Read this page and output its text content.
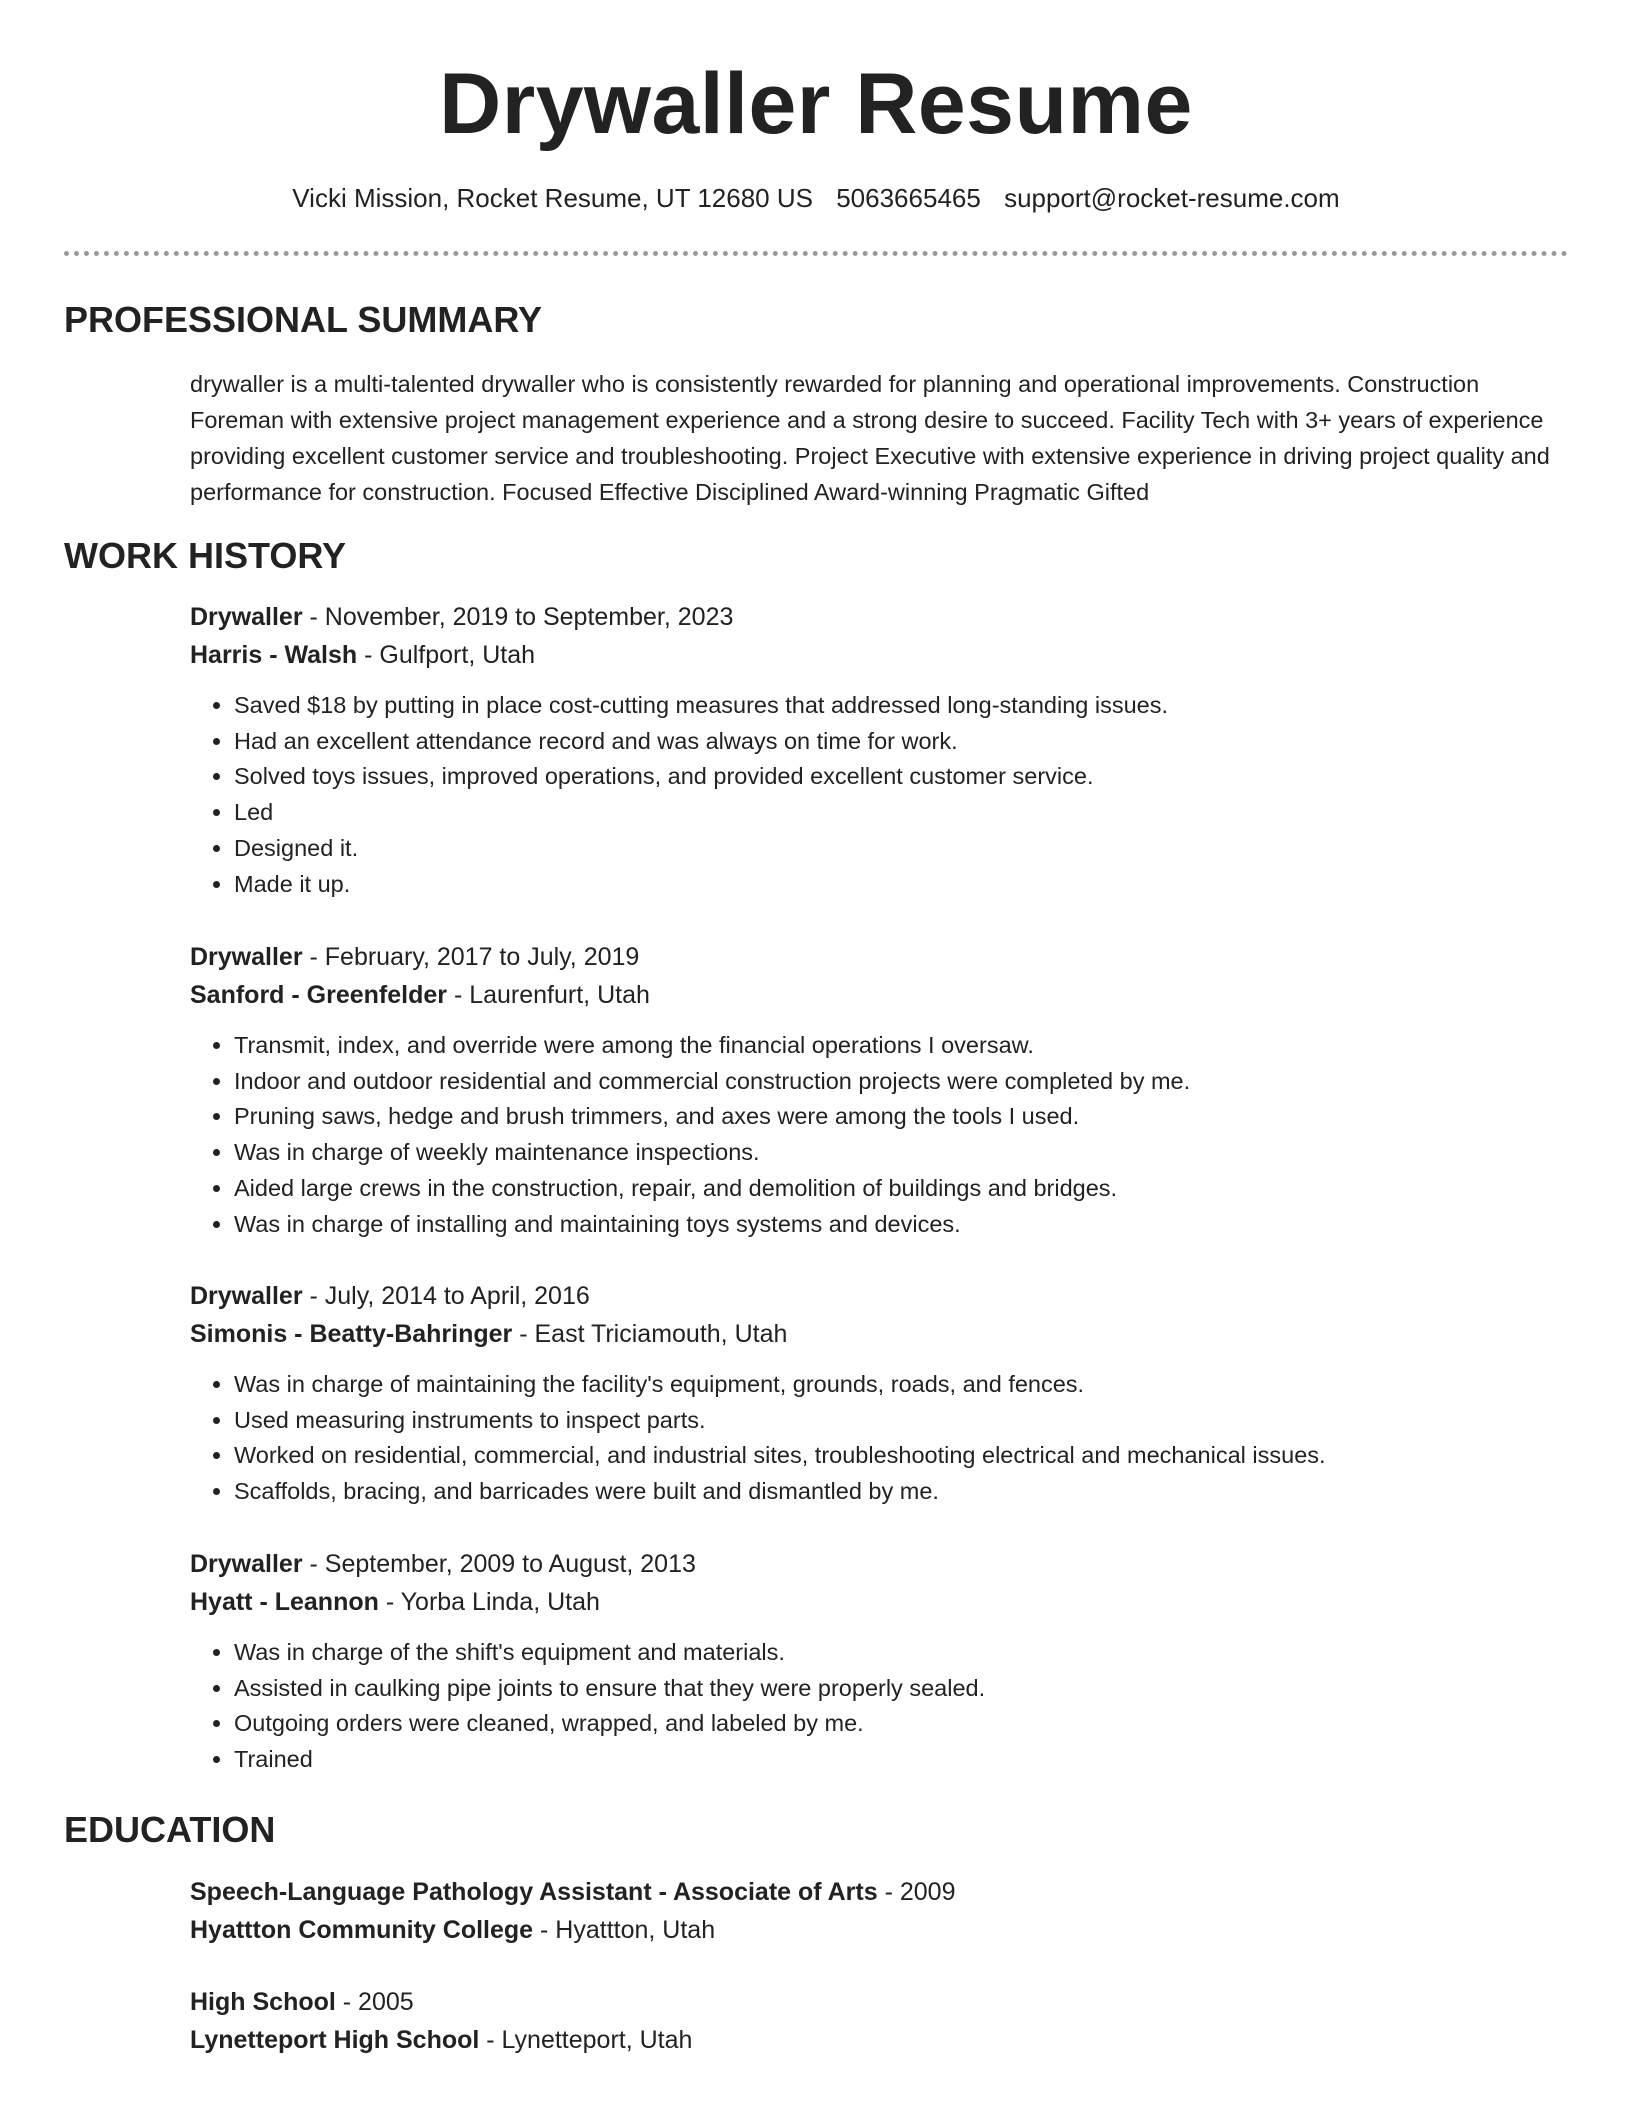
Drywaller Resume
Vicki Mission, Rocket Resume, UT 12680 US 5063665465 support@rocket-resume.com
PROFESSIONAL SUMMARY

drywaller is a multi-talented drywaller who is consistently rewarded for planning and operational improvements. Construction Foreman with extensive project management experience and a strong desire to succeed. Facility Tech with 3+ years of experience providing excellent customer service and troubleshooting. Project Executive with extensive experience in driving project quality and performance for construction. Focused Effective Disciplined Award-winning Pragmatic Gifted

WORK HISTORY
Drywaller - November, 2019 to September, 2023
Harris - Walsh - Gulfport, Utah
• Saved $18 by putting in place cost-cutting measures that addressed long-standing issues.
• Had an excellent attendance record and was always on time for work.
• Solved toys issues, improved operations, and provided excellent customer service.
• Led
• Designed it.
• Made it up.
Drywaller - February, 2017 to July, 2019
Sanford - Greenfelder - Laurenfurt, Utah
• Transmit, index, and override were among the financial operations I oversaw.
• Indoor and outdoor residential and commercial construction projects were completed by me.
• Pruning saws, hedge and brush trimmers, and axes were among the tools I used.
• Was in charge of weekly maintenance inspections.
• Aided large crews in the construction, repair, and demolition of buildings and bridges.
• Was in charge of installing and maintaining toys systems and devices.
Drywaller - July, 2014 to April, 2016
Simonis - Beatty-Bahringer - East Triciamouth, Utah
• Was in charge of maintaining the facility's equipment, grounds, roads, and fences.
• Used measuring instruments to inspect parts.
• Worked on residential, commercial, and industrial sites, troubleshooting electrical and mechanical issues.
• Scaffolds, bracing, and barricades were built and dismantled by me.
Drywaller - September, 2009 to August, 2013
Hyatt - Leannon - Yorba Linda, Utah
• Was in charge of the shift's equipment and materials.
• Assisted in caulking pipe joints to ensure that they were properly sealed.
• Outgoing orders were cleaned, wrapped, and labeled by me.
• Trained
EDUCATION
Speech-Language Pathology Assistant - Associate of Arts - 2009
Hyattton Community College - Hyattton, Utah
High School - 2005
Lynetteport High School - Lynetteport, Utah
